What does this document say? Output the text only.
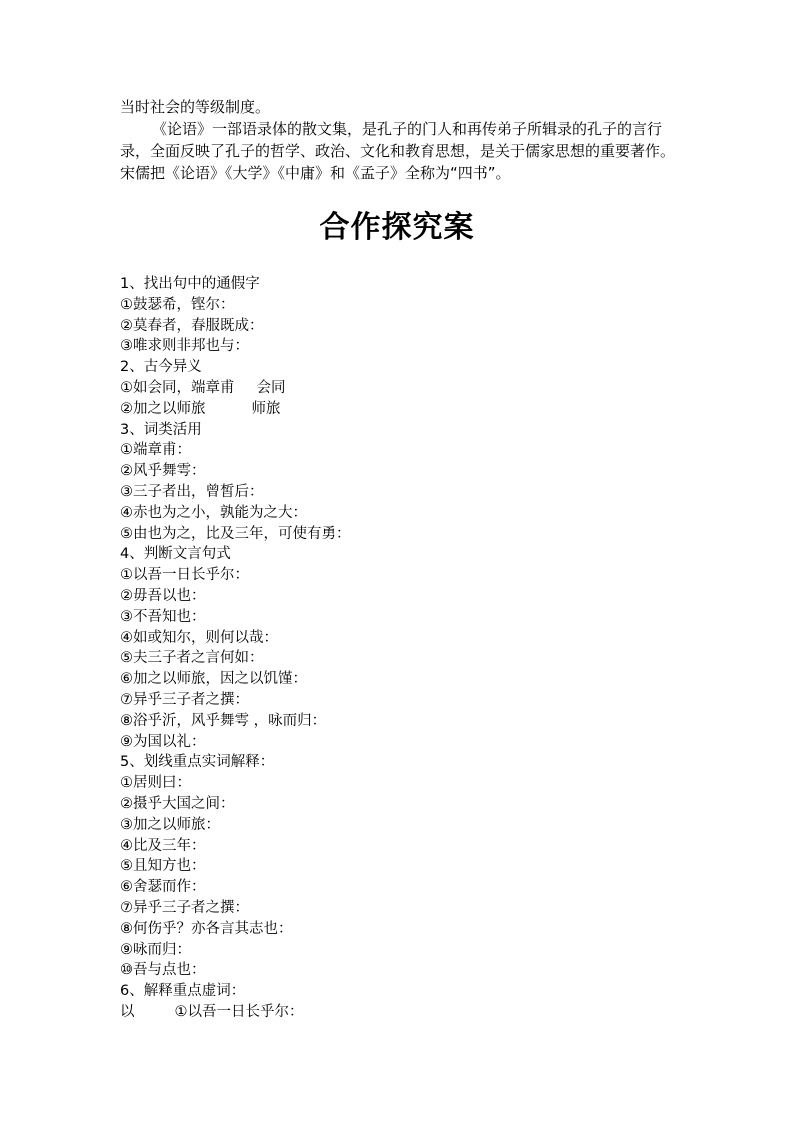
当时社会的等级制度。

《论语》一部语录体的散文集，是孔子的门人和再传弟子所辑录的孔子的言行录，全面反映了孔子的哲学、政治、文化和教育思想，是关于儒家思想的重要著作。宋儒把《论语》《大学》《中庸》和《孟子》全称为“四书”。

合作探究案
1、找出句中的通假字
①鼓瑟希，铿尔：
②莫春者，春服既成：
③唯求则非邦也与：
2、古今异义
①如会同，端章甫 会同
②加之以师旅	师旅
3、词类活用
①端章甫：
②风乎舞雩：
③三子者出，曾皙后：
④赤也为之小，孰能为之大：
⑤由也为之，比及三年，可使有勇：
4、判断文言句式
①以吾一日长乎尔：
②毋吾以也：
③不吾知也：
④如或知尔，则何以哉：
⑤夫三子者之言何如：
⑥加之以师旅，因之以饥馑：
⑦异乎三子者之撰：
⑧浴乎沂，风乎舞雩 ，咏而归：
⑨为国以礼：
5、划线重点实词解释：
①居则曰：
②摄乎大国之间：
③加之以师旅：
④比及三年：
⑤且知方也：
⑥舍瑟而作：
⑦异乎三子者之撰：
⑧何伤乎？亦各言其志也：
⑨咏而归：
⑩吾与点也：
6、解释重点虚词：
以	①以吾一日长乎尔：
